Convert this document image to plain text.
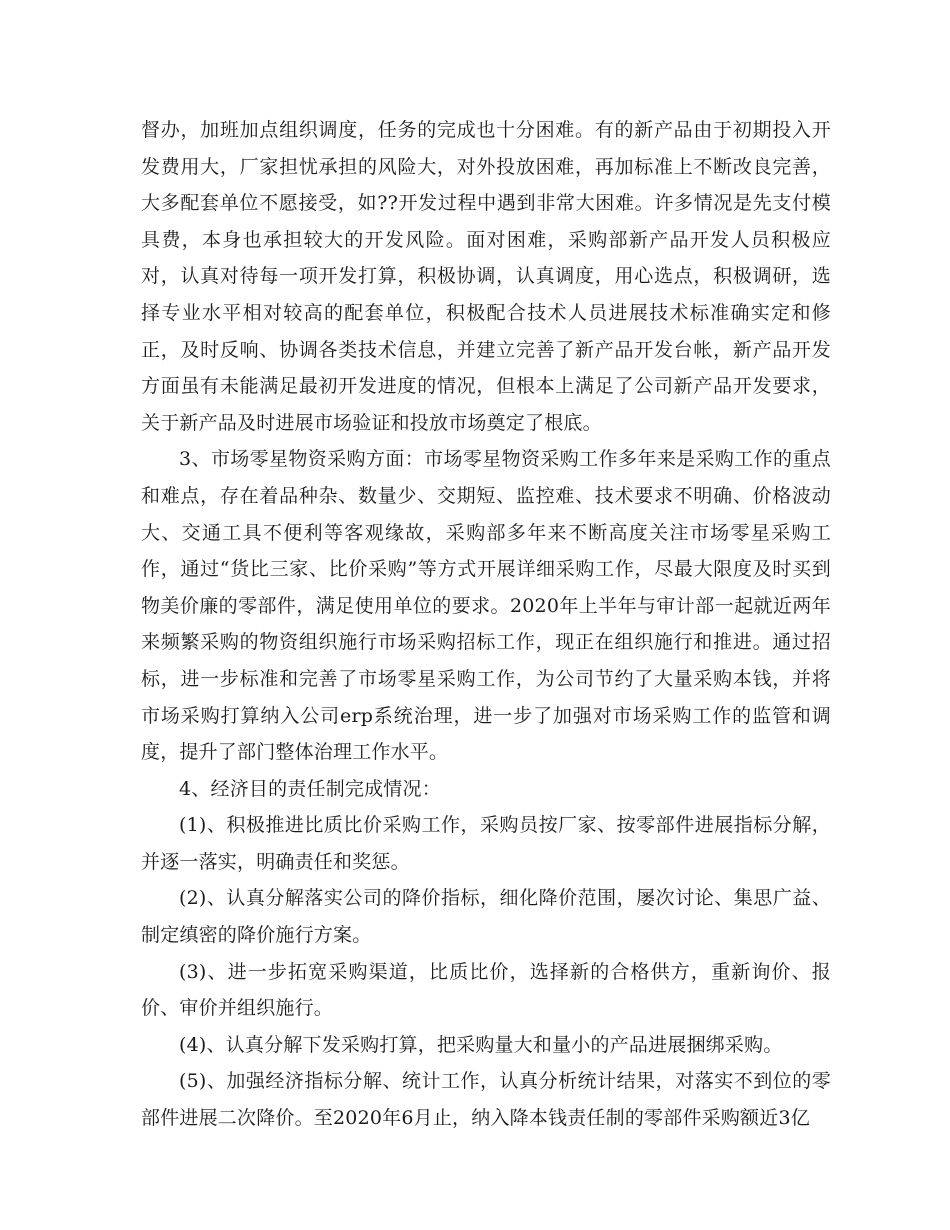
督办，加班加点组织调度，任务的完成也十分困难。有的新产品由于初期投入开发费用大，厂家担忧承担的风险大，对外投放困难，再加标准上不断改良完善，大多配套单位不愿接受，如??开发过程中遇到非常大困难。许多情况是先支付模具费，本身也承担较大的开发风险。面对困难，采购部新产品开发人员积极应对，认真对待每一项开发打算，积极协调，认真调度，用心选点，积极调研，选择专业水平相对较高的配套单位，积极配合技术人员进展技术标准确实定和修正，及时反响、协调各类技术信息，并建立完善了新产品开发台帐，新产品开发方面虽有未能满足最初开发进度的情况，但根本上满足了公司新产品开发要求，关于新产品及时进展市场验证和投放市场奠定了根底。

3、市场零星物资采购方面：市场零星物资采购工作多年来是采购工作的重点和难点，存在着品种杂、数量少、交期短、监控难、技术要求不明确、价格波动大、交通工具不便利等客观缘故，采购部多年来不断高度关注市场零星采购工作，通过“货比三家、比价采购”等方式开展详细采购工作，尽最大限度及时买到物美价廉的零部件，满足使用单位的要求。2020年上半年与审计部一起就近两年来频繁采购的物资组织施行市场采购招标工作，现正在组织施行和推进。通过招标，进一步标准和完善了市场零星采购工作，为公司节约了大量采购本钱，并将市场采购打算纳入公司erp系统治理，进一步了加强对市场采购工作的监管和调度，提升了部门整体治理工作水平。

4、经济目的责任制完成情况：

(1)、积极推进比质比价采购工作，采购员按厂家、按零部件进展指标分解，并逐一落实，明确责任和奖惩。

(2)、认真分解落实公司的降价指标，细化降价范围，屡次讨论、集思广益、制定缜密的降价施行方案。

(3)、进一步拓宽采购渠道，比质比价，选择新的合格供方，重新询价、报价、审价并组织施行。

(4)、认真分解下发采购打算，把采购量大和量小的产品进展捆绑采购。

(5)、加强经济指标分解、统计工作，认真分析统计结果，对落实不到位的零部件进展二次降价。至2020年6月止，纳入降本钱责任制的零部件采购额近3亿
